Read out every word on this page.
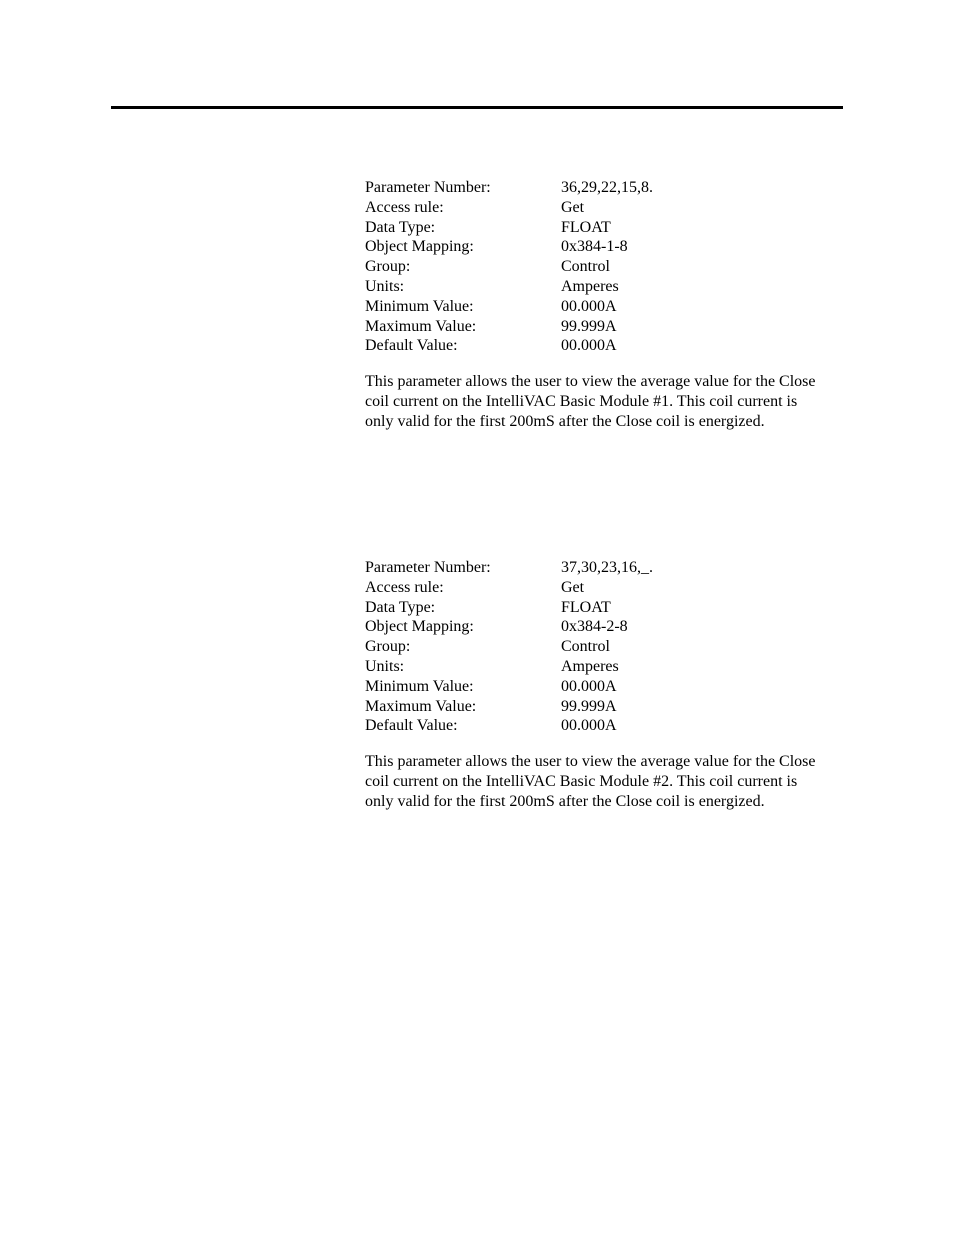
Parameter Number:	36,29,22,15,8.
Access rule:	Get
Data Type:	FLOAT
Object Mapping:	0x384-1-8
Group:	Control
Units:	Amperes
Minimum Value:	00.000A
Maximum Value:	99.999A
Default Value:	00.000A

This parameter allows the user to view the average value for the Close coil current on the IntelliVAC Basic Module #1. This coil current is only valid for the first 200mS after the Close coil is energized.

Parameter Number:	37,30,23,16,_.
Access rule:	Get
Data Type:	FLOAT
Object Mapping:	0x384-2-8
Group:	Control
Units:	Amperes
Minimum Value:	00.000A
Maximum Value:	99.999A
Default Value:	00.000A

This parameter allows the user to view the average value for the Close coil current on the IntelliVAC Basic Module #2. This coil current is only valid for the first 200mS after the Close coil is energized.
